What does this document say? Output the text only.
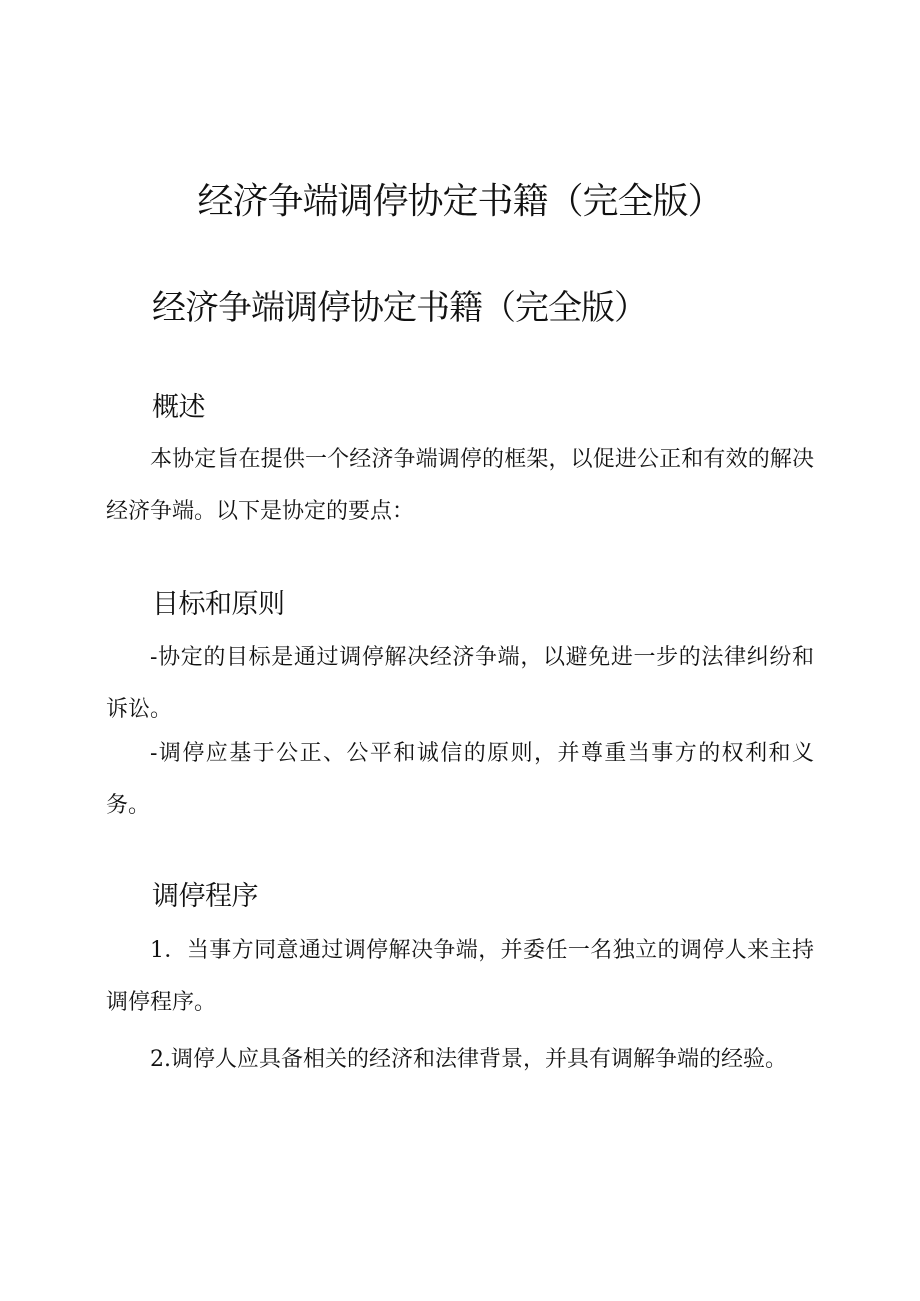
经济争端调停协定书籍（完全版）
经济争端调停协定书籍（完全版）
概述

本协定旨在提供一个经济争端调停的框架，以促进公正和有效的解决经济争端。以下是协定的要点：

目标和原则

-协定的目标是通过调停解决经济争端，以避免进一步的法律纠纷和诉讼。

-调停应基于公正、公平和诚信的原则，并尊重当事方的权利和义务。

调停程序

1．当事方同意通过调停解决争端，并委任一名独立的调停人来主持调停程序。

2.调停人应具备相关的经济和法律背景，并具有调解争端的经验。
